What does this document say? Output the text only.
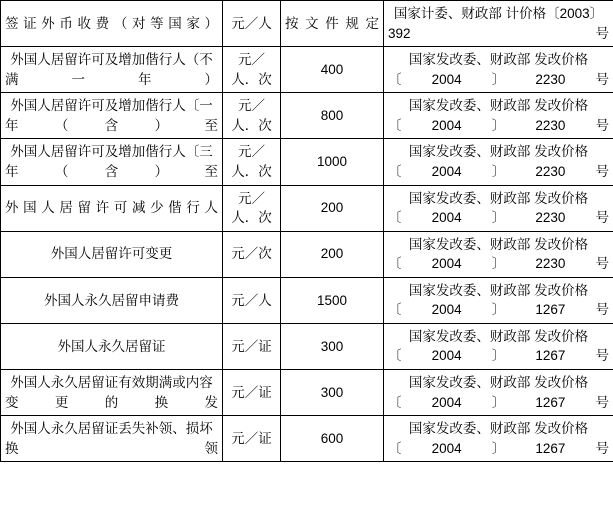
签证外币收费（对等国家）	元／人	按文件规定	国家计委、财政部 计价格〔2003〕392号
外国人居留许可及增加偕行人（不满一年）	元／人．次	400	国家发改委、财政部 发改价格〔2004〕2230号
外国人居留许可及增加偕行人〔一年（含）至	元／人．次	800	国家发改委、财政部 发改价格〔2004〕2230号
外国人居留许可及增加偕行人〔三年（含）至	元／人．次	1000	国家发改委、财政部 发改价格〔2004〕2230号
外国人居留许可减少偕行人	元／人．次	200	国家发改委、财政部 发改价格〔2004〕2230号
外国人居留许可变更	元／次	200	国家发改委、财政部 发改价格〔2004〕2230号
外国人永久居留申请费	元／人	1500	国家发改委、财政部 发改价格〔2004〕1267号
外国人永久居留证	元／证	300	国家发改委、财政部 发改价格〔2004〕1267号
外国人永久居留证有效期满或内容变更的换发	元／证	300	国家发改委、财政部 发改价格〔2004〕1267号
外国人永久居留证丢失补领、损坏换领	元／证	600	国家发改委、财政部 发改价格〔2004〕1267号
